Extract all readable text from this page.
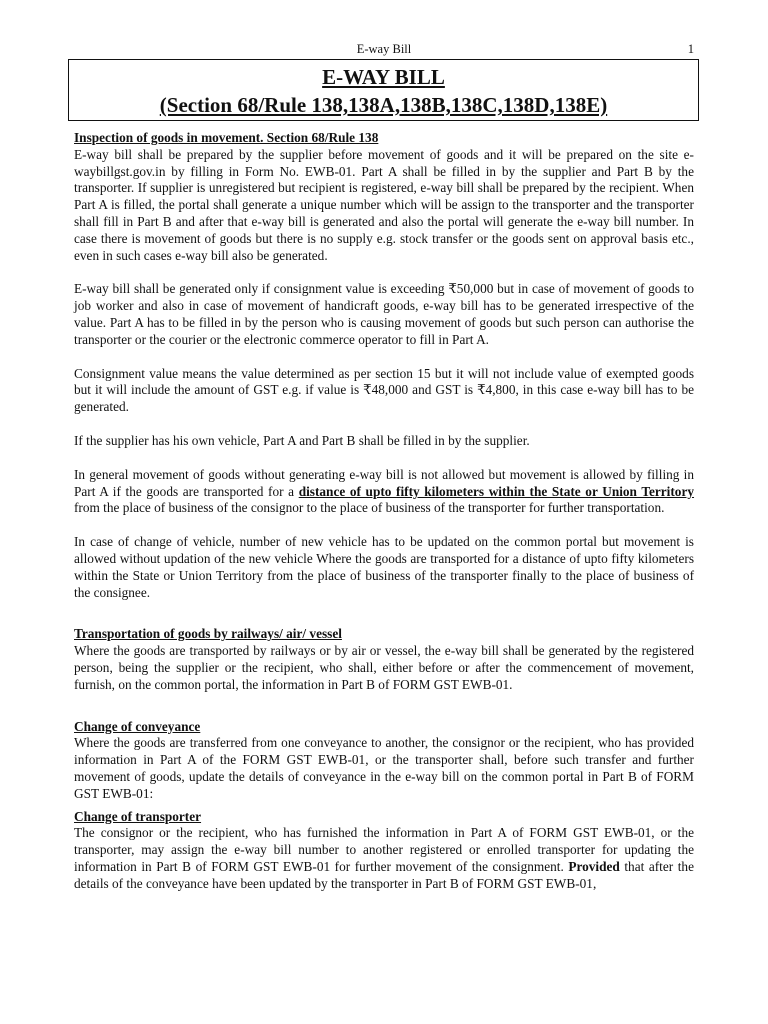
E-way Bill	1
E-WAY BILL
(Section 68/Rule 138,138A,138B,138C,138D,138E)

Inspection of goods in movement. Section 68/Rule 138

E-way bill shall be prepared by the supplier before movement of goods and it will be prepared on the site e-waybillgst.gov.in by filling in Form No. EWB-01. Part A shall be filled in by the supplier and Part B by the transporter. If supplier is unregistered but recipient is registered, e-way bill shall be prepared by the recipient. When Part A is filled, the portal shall generate a unique number which will be assign to the transporter and the transporter shall fill in Part B and after that e-way bill is generated and also the portal will generate the e-way bill number. In case there is movement of goods but there is no supply e.g. stock transfer or the goods sent on approval basis etc., even in such cases e-way bill also be generated.

E-way bill shall be generated only if consignment value is exceeding ₹50,000 but in case of movement of goods to job worker and also in case of movement of handicraft goods, e-way bill has to be generated irrespective of the value. Part A has to be filled in by the person who is causing movement of goods but such person can authorise the transporter or the courier or the electronic commerce operator to fill in Part A.

Consignment value means the value determined as per section 15 but it will not include value of exempted goods but it will include the amount of GST e.g. if value is ₹48,000 and GST is ₹4,800, in this case e-way bill has to be generated.

If the supplier has his own vehicle, Part A and Part B shall be filled in by the supplier.

In general movement of goods without generating e-way bill is not allowed but movement is allowed by filling in Part A if the goods are transported for a distance of upto fifty kilometers within the State or Union Territory from the place of business of the consignor to the place of business of the transporter for further transportation.

In case of change of vehicle, number of new vehicle has to be updated on the common portal but movement is allowed without updation of the new vehicle Where the goods are transported for a distance of upto fifty kilometers within the State or Union Territory from the place of business of the transporter finally to the place of business of the consignee.

Transportation of goods by railways/ air/ vessel

Where the goods are transported by railways or by air or vessel, the e-way bill shall be generated by the registered person, being the supplier or the recipient, who shall, either before or after the commencement of movement, furnish, on the common portal, the information in Part B of FORM GST EWB-01.

Change of conveyance

Where the goods are transferred from one conveyance to another, the consignor or the recipient, who has provided information in Part A of the FORM GST EWB-01, or the transporter shall, before such transfer and further movement of goods, update the details of conveyance in the e-way bill on the common portal in Part B of FORM GST EWB-01:

Change of transporter

The consignor or the recipient, who has furnished the information in Part A of FORM GST EWB-01, or the transporter, may assign the e-way bill number to another registered or enrolled transporter for updating the information in Part B of FORM GST EWB-01 for further movement of the consignment. Provided that after the details of the conveyance have been updated by the transporter in Part B of FORM GST EWB-01,
